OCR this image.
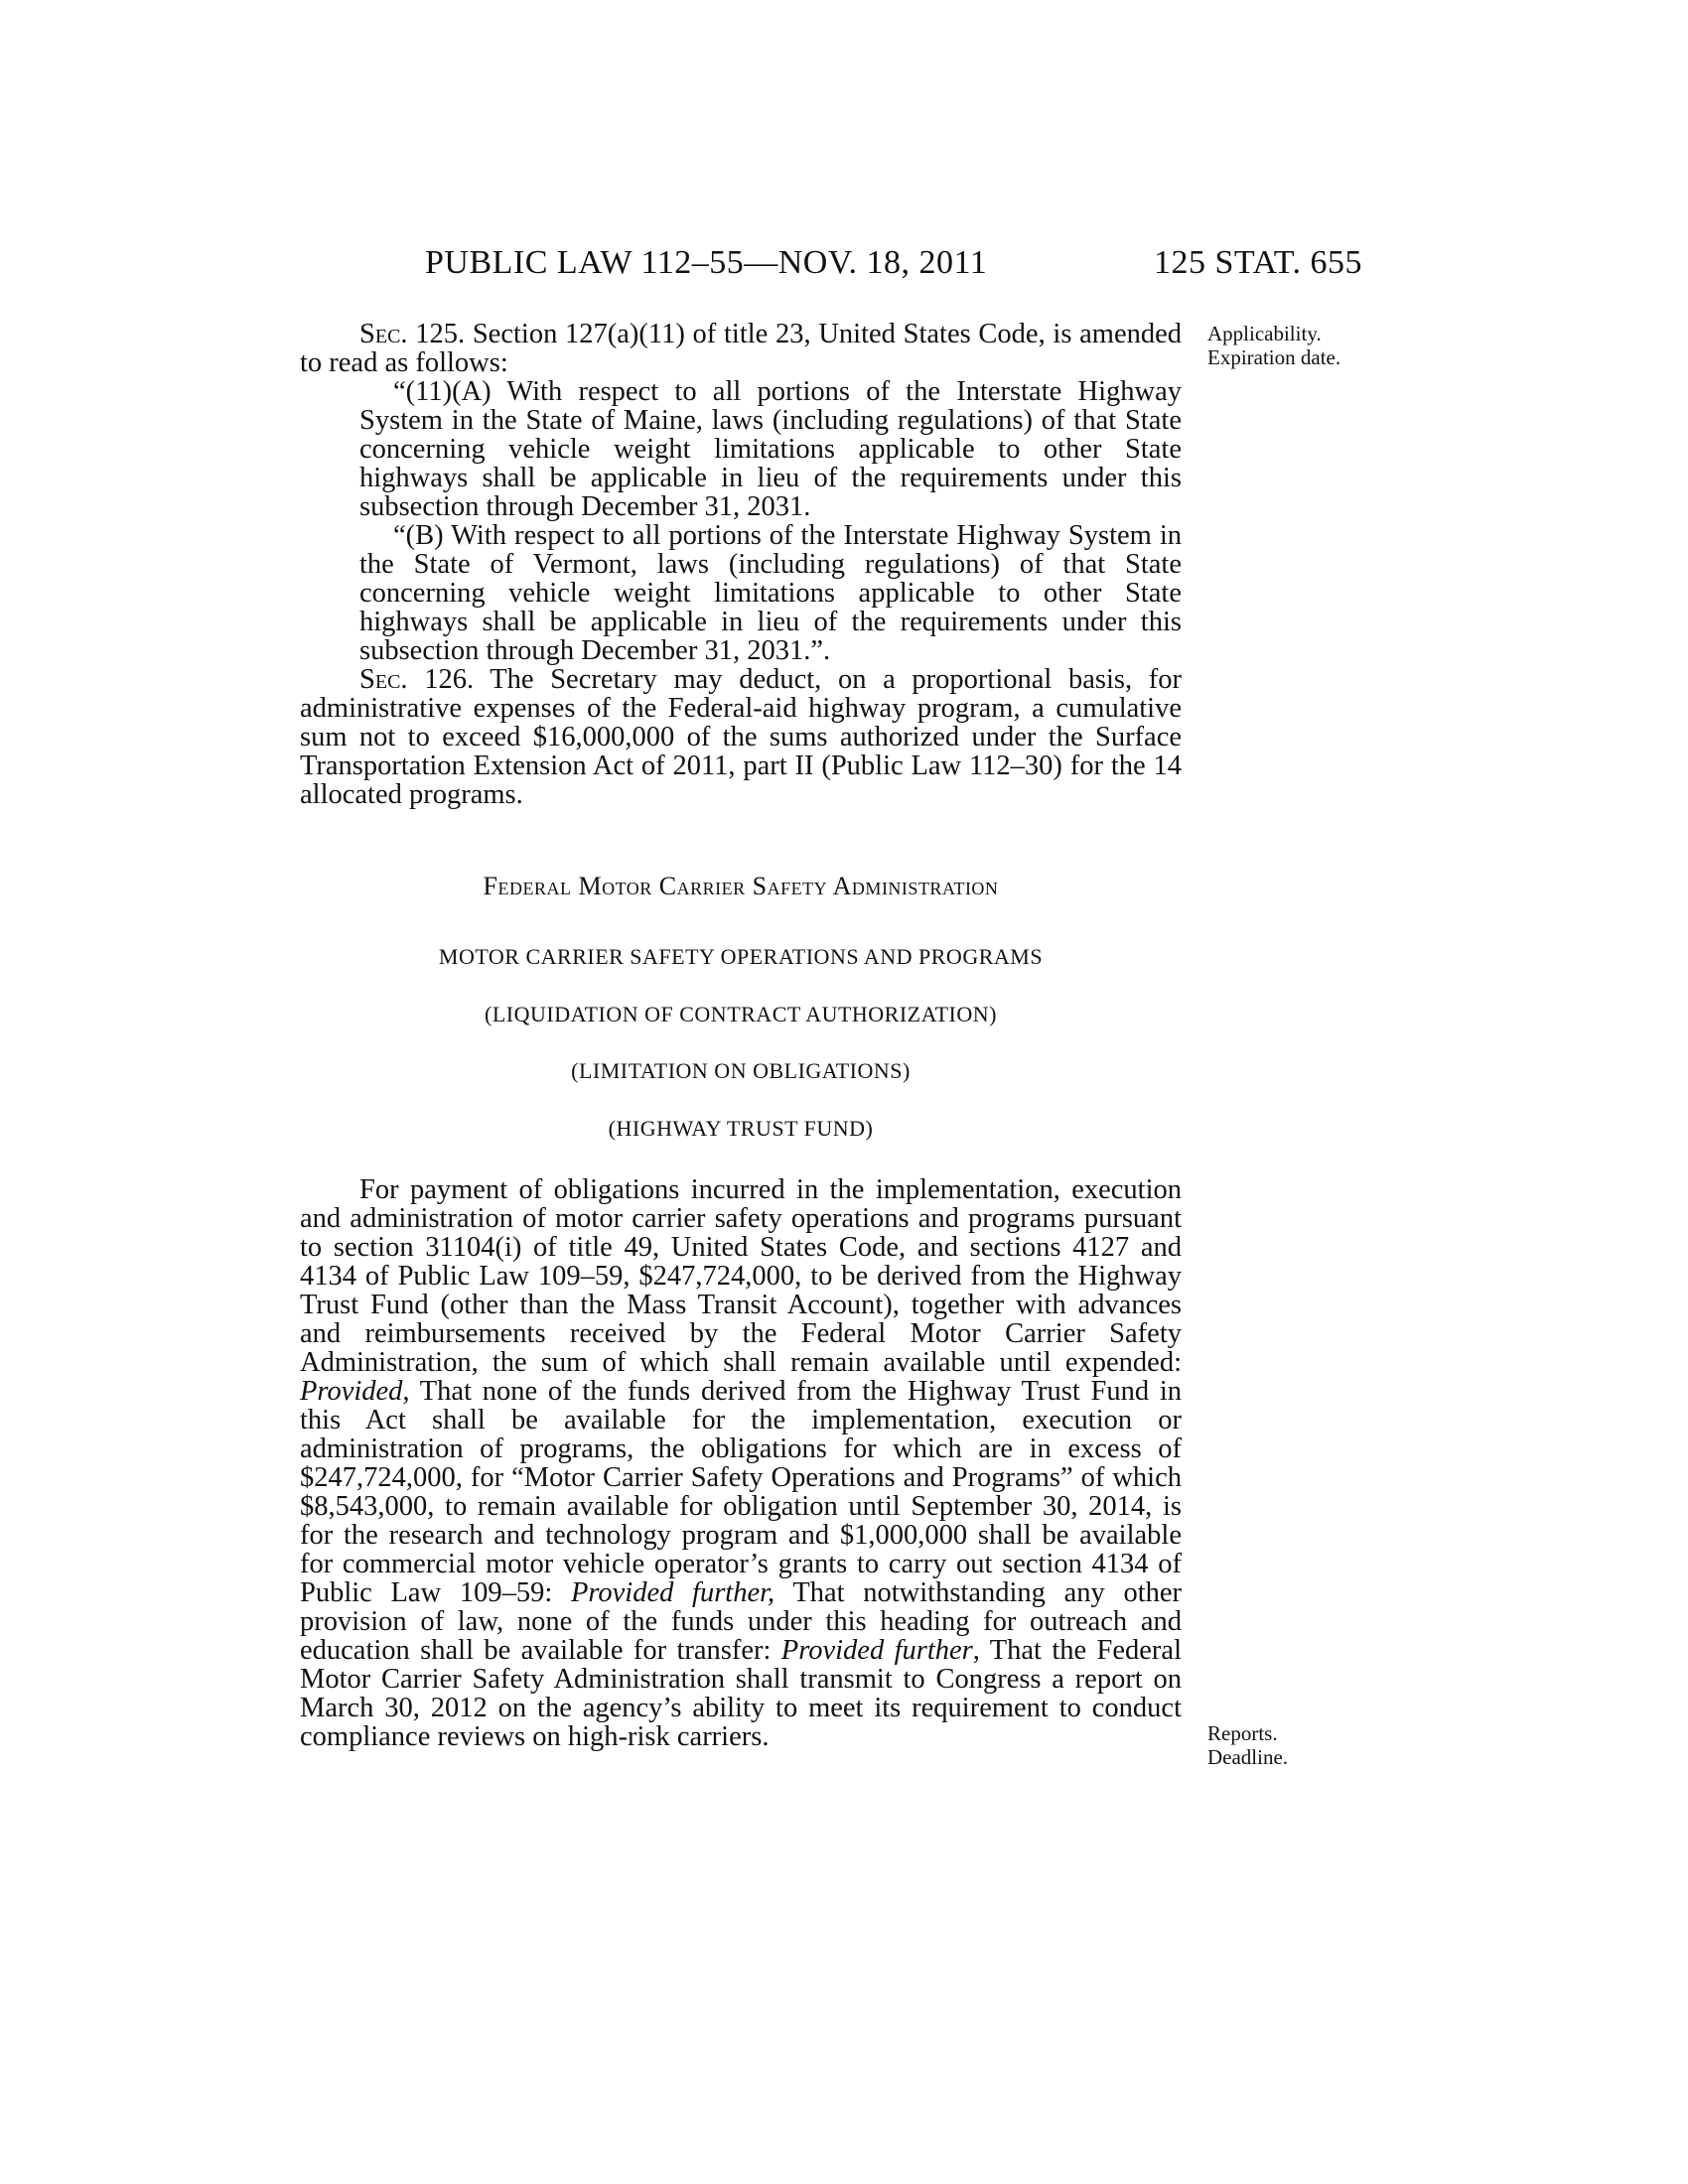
PUBLIC LAW 112–55—NOV. 18, 2011	125 STAT. 655
Applicability.
Expiration date.

Sec. 125. Section 127(a)(11) of title 23, United States Code, is amended to read as follows:

“(11)(A) With respect to all portions of the Interstate Highway System in the State of Maine, laws (including regulations) of that State concerning vehicle weight limitations applicable to other State highways shall be applicable in lieu of the requirements under this subsection through December 31, 2031.

“(B) With respect to all portions of the Interstate Highway System in the State of Vermont, laws (including regulations) of that State concerning vehicle weight limitations applicable to other State highways shall be applicable in lieu of the requirements under this subsection through December 31, 2031.”.

Sec. 126. The Secretary may deduct, on a proportional basis, for administrative expenses of the Federal-aid highway program, a cumulative sum not to exceed $16,000,000 of the sums authorized under the Surface Transportation Extension Act of 2011, part II (Public Law 112–30) for the 14 allocated programs.

Federal Motor Carrier Safety Administration
MOTOR CARRIER SAFETY OPERATIONS AND PROGRAMS
(LIQUIDATION OF CONTRACT AUTHORIZATION)
(LIMITATION ON OBLIGATIONS)
(HIGHWAY TRUST FUND)

For payment of obligations incurred in the implementation, execution and administration of motor carrier safety operations and programs pursuant to section 31104(i) of title 49, United States Code, and sections 4127 and 4134 of Public Law 109–59, $247,724,000, to be derived from the Highway Trust Fund (other than the Mass Transit Account), together with advances and reimbursements received by the Federal Motor Carrier Safety Administration, the sum of which shall remain available until expended: Provided, That none of the funds derived from the Highway Trust Fund in this Act shall be available for the implementation, execution or administration of programs, the obligations for which are in excess of $247,724,000, for “Motor Carrier Safety Operations and Programs” of which $8,543,000, to remain available for obligation until September 30, 2014, is for the research and technology program and $1,000,000 shall be available for commercial motor vehicle operator’s grants to carry out section 4134 of Public Law 109–59: Provided further, That notwithstanding any other provision of law, none of the funds under this heading for outreach and education shall be available for transfer: Provided further, That the Federal Motor Carrier Safety Administration shall transmit to Congress a report on March 30, 2012 on the agency’s ability to meet its requirement to conduct compliance reviews on high-risk carriers.	Reports.
Deadline.
